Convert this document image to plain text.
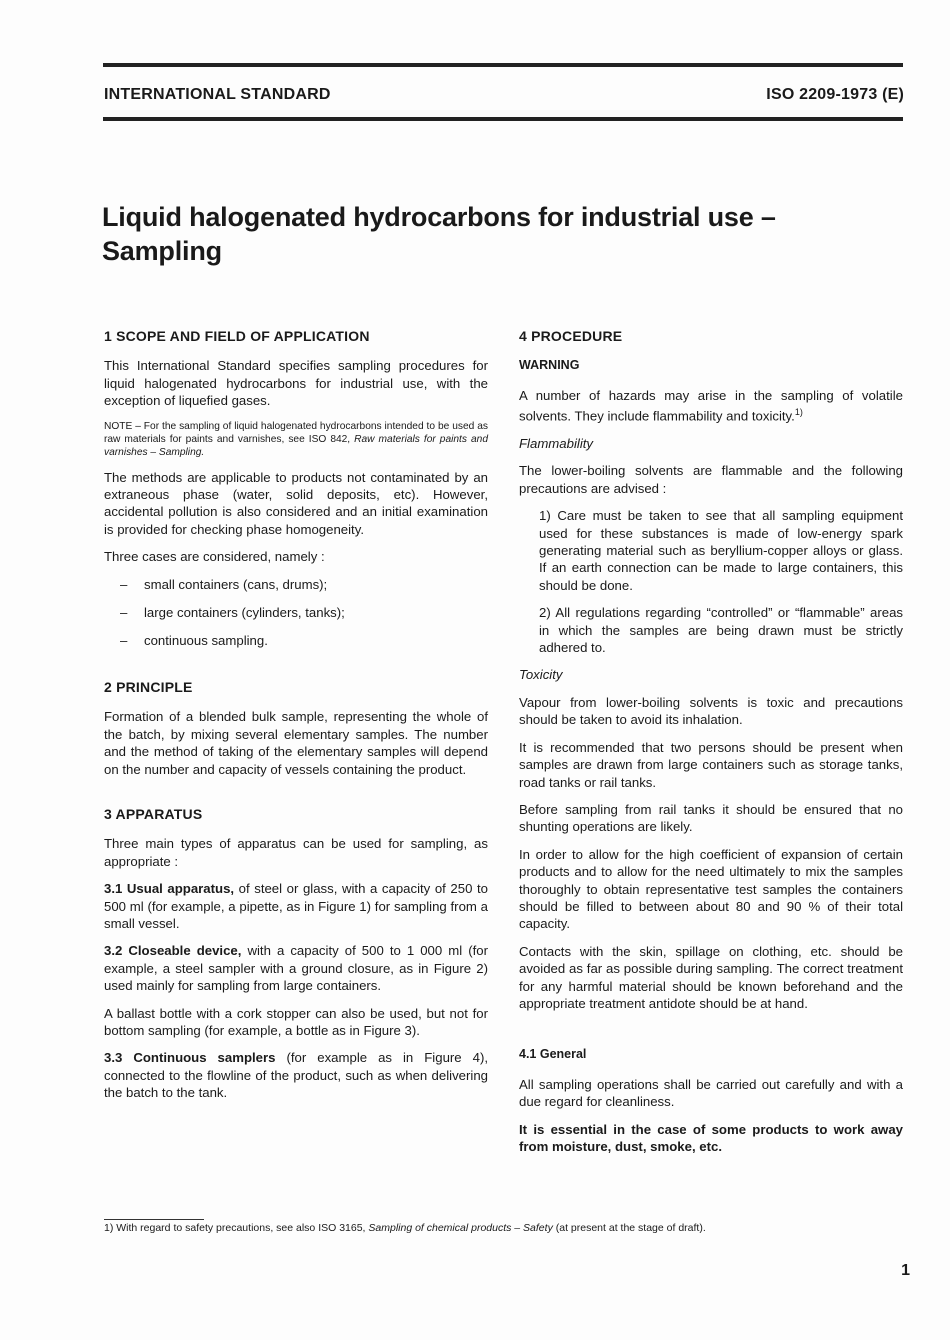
INTERNATIONAL STANDARD	ISO 2209-1973 (E)
Liquid halogenated hydrocarbons for industrial use –
Sampling
1 SCOPE AND FIELD OF APPLICATION

This International Standard specifies sampling procedures for liquid halogenated hydrocarbons for industrial use, with the exception of liquefied gases.

NOTE – For the sampling of liquid halogenated hydrocarbons intended to be used as raw materials for paints and varnishes, see ISO 842, Raw materials for paints and varnishes – Sampling.

The methods are applicable to products not contaminated by an extraneous phase (water, solid deposits, etc). However, accidental pollution is also considered and an initial examination is provided for checking phase homogeneity.

Three cases are considered, namely :

– small containers (cans, drums);
– large containers (cylinders, tanks);
– continuous sampling.
2 PRINCIPLE

Formation of a blended bulk sample, representing the whole of the batch, by mixing several elementary samples. The number and the method of taking of the elementary samples will depend on the number and capacity of vessels containing the product.

3 APPARATUS

Three main types of apparatus can be used for sampling, as appropriate :

3.1 Usual apparatus, of steel or glass, with a capacity of 250 to 500 ml (for example, a pipette, as in Figure 1) for sampling from a small vessel.

3.2 Closeable device, with a capacity of 500 to 1 000 ml (for example, a steel sampler with a ground closure, as in Figure 2) used mainly for sampling from large containers.

A ballast bottle with a cork stopper can also be used, but not for bottom sampling (for example, a bottle as in Figure 3).

3.3 Continuous samplers (for example as in Figure 4), connected to the flowline of the product, such as when delivering the batch to the tank.

4 PROCEDURE
WARNING

A number of hazards may arise in the sampling of volatile solvents. They include flammability and toxicity.$^{1)}$

Flammability

The lower-boiling solvents are flammable and the following precautions are advised :

1) Care must be taken to see that all sampling equipment used for these substances is made of low-energy spark generating material such as beryllium-copper alloys or glass. If an earth connection can be made to large containers, this should be done.

2) All regulations regarding “controlled” or “flammable” areas in which the samples are being drawn must be strictly adhered to.

Toxicity

Vapour from lower-boiling solvents is toxic and precautions should be taken to avoid its inhalation.

It is recommended that two persons should be present when samples are drawn from large containers such as storage tanks, road tanks or rail tanks.

Before sampling from rail tanks it should be ensured that no shunting operations are likely.

In order to allow for the high coefficient of expansion of certain products and to allow for the need ultimately to mix the samples thoroughly to obtain representative test samples the containers should be filled to between about 80 and 90 % of their total capacity.

Contacts with the skin, spillage on clothing, etc. should be avoided as far as possible during sampling. The correct treatment for any harmful material should be known beforehand and the appropriate treatment antidote should be at hand.

4.1 General

All sampling operations shall be carried out carefully and with a due regard for cleanliness.

It is essential in the case of some products to work away from moisture, dust, smoke, etc.

1) With regard to safety precautions, see also ISO 3165, Sampling of chemical products – Safety (at present at the stage of draft).
1
